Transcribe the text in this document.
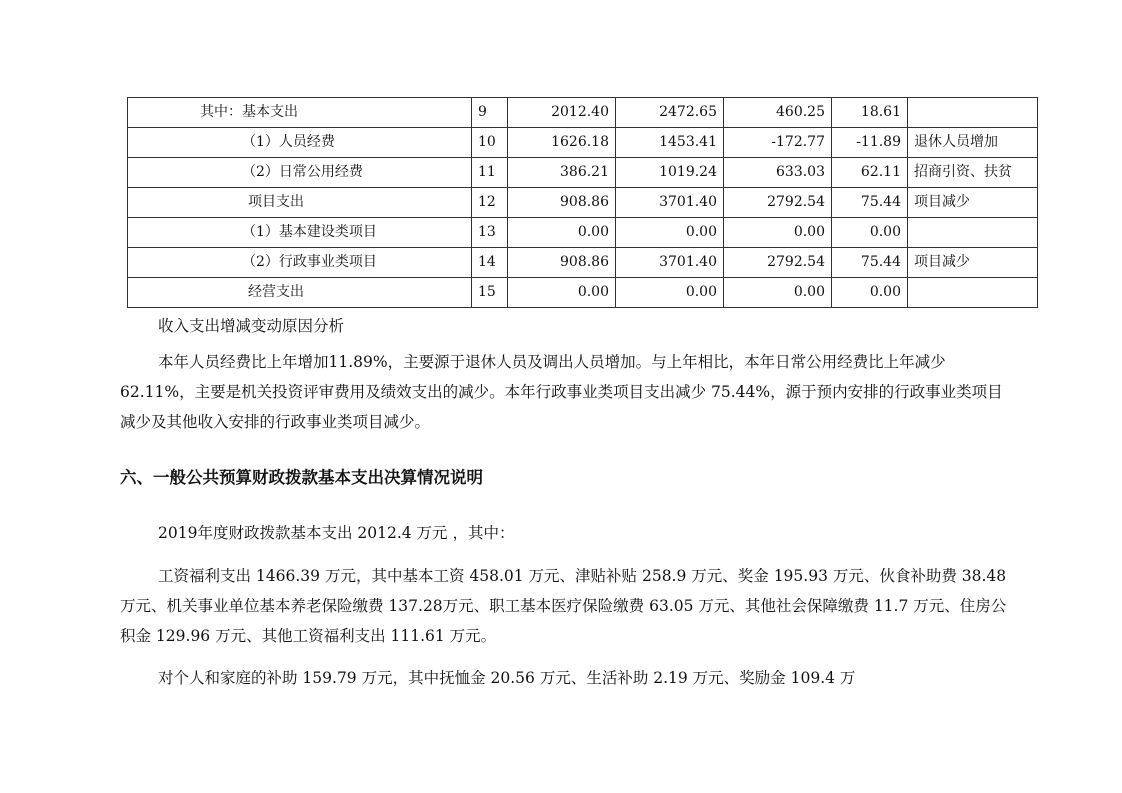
其中：基本支出	9	2012.40	2472.65	460.25	18.61	
（1）人员经费	10	1626.18	1453.41	-172.77	-11.89	退休人员增加
（2）日常公用经费	11	386.21	1019.24	633.03	62.11	招商引资、扶贫
项目支出	12	908.86	3701.40	2792.54	75.44	项目减少
（1）基本建设类项目	13	0.00	0.00	0.00	0.00	
（2）行政事业类项目	14	908.86	3701.40	2792.54	75.44	项目减少
经营支出	15	0.00	0.00	0.00	0.00	
收入支出增减变动原因分析

本年人员经费比上年增加11.89%，主要源于退休人员及调出人员增加。与上年相比，本年日常公用经费比上年减少 62.11%，主要是机关投资评审费用及绩效支出的减少。本年行政事业类项目支出减少 75.44%，源于预内安排的行政事业类项目减少及其他收入安排的行政事业类项目减少。

六、一般公共预算财政拨款基本支出决算情况说明

2019年度财政拨款基本支出 2012.4 万元 ，其中：

工资福利支出 1466.39 万元，其中基本工资 458.01 万元、津贴补贴 258.9 万元、奖金 195.93 万元、伙食补助费 38.48 万元、机关事业单位基本养老保险缴费 137.28万元、职工基本医疗保险缴费 63.05 万元、其他社会保障缴费 11.7 万元、住房公积金 129.96 万元、其他工资福利支出 111.61 万元。

对个人和家庭的补助 159.79 万元，其中抚恤金 20.56 万元、生活补助 2.19 万元、奖励金 109.4 万
